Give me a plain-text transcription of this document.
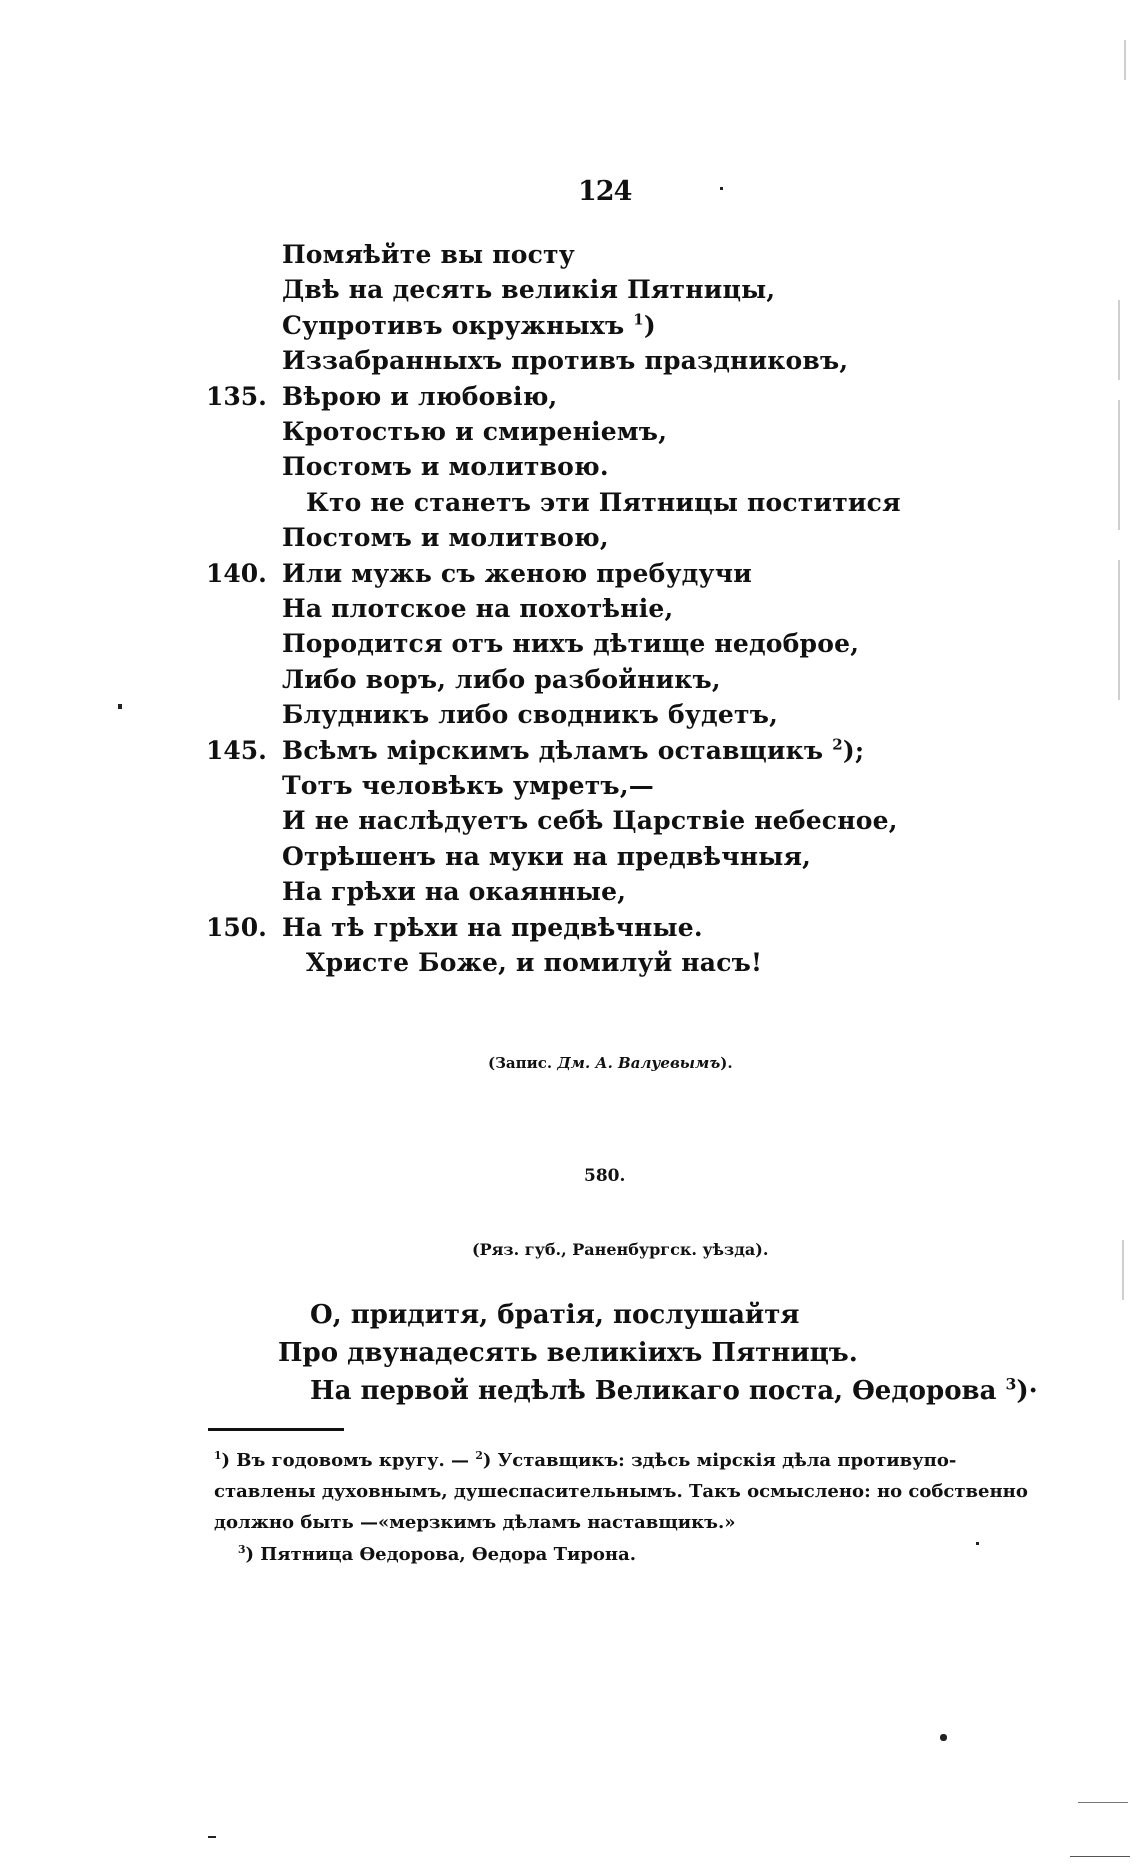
124
Помяѣйте вы посту
Двѣ на десять великія Пятницы,
Супротивъ окружныхъ $^1$)
Иззабранныхъ противъ праздниковъ,
135. Вѣрою и любовію,
Кротостью и смиреніемъ,
Постомъ и молитвою.
Кто не станетъ эти Пятницы поститися
Постомъ и молитвою,
140. Или мужь съ женою пребудучи
На плотское на похотѣніе,
Породится отъ нихъ дѣтище недоброе,
Либо воръ, либо разбойникъ,
Блудникъ либо сводникъ будетъ,
145. Всѣмъ мірскимъ дѣламъ оставщикъ $^2$);
Тотъ человѣкъ умретъ,—
И не наслѣдуетъ себѣ Царствіе небесное,
Отрѣшенъ на муки на предвѣчныя,
На грѣхи на окаянные,
150. На тѣ грѣхи на предвѣчные.
Христе Боже, и помилуй насъ!
(Запис. Дм. А. Валуевымъ).
580.
(Ряз. губ., Раненбургск. уѣзда).
О, придитя, братія, послушайтя
Про двунадесять великіихъ Пятницъ.
На первой недѣлѣ Великаго поста, Ѳедорова $^3$)·
$^1$) Въ годовомъ кругу. — $^2$) Уставщикъ: здѣсь мірскія дѣла противупо-
ставлены духовнымъ, душеспасительнымъ. Такъ осмыслено: но собственно
должно быть —«мерзкимъ дѣламъ наставщикъ.»
$^3$) Пятница Ѳедорова, Ѳедора Тирона.
